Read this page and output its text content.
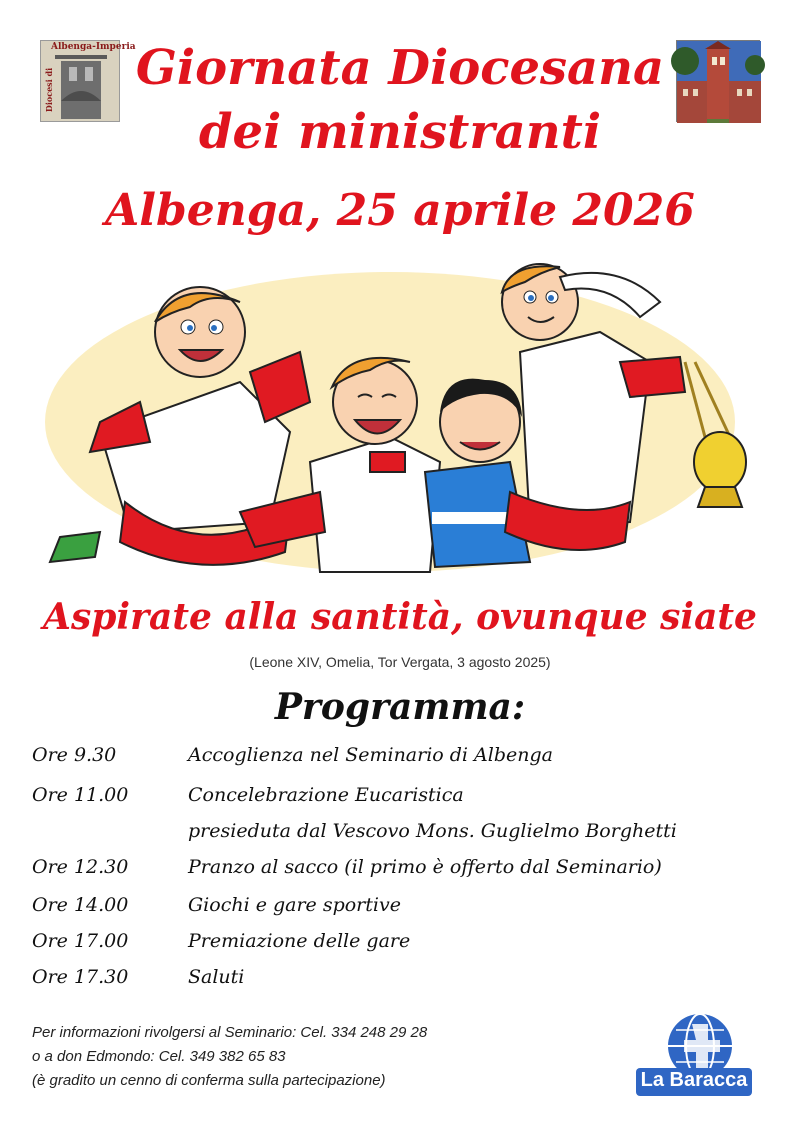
Albenga-Imperia
Diocesi di	Giornata Diocesana
dei ministranti
Albenga, 25 aprile 2026
Aspirate alla santità, ovunque siate
(Leone XIV, Omelia, Tor Vergata, 3 agosto 2025)
Programma:
Ore 9.30	Accoglienza nel Seminario di Albenga
Ore 11.00	Concelebrazione Eucaristica
presieduta dal Vescovo Mons. Guglielmo Borghetti
Ore 12.30	Pranzo al sacco (il primo è offerto dal Seminario)
Ore 14.00	Giochi e gare sportive
Ore 17.00	Premiazione delle gare
Ore 17.30	Saluti
Per informazioni rivolgersi al Seminario: Cel. 334 248 29 28
o a don Edmondo: Cel. 349 382 65 83
(è gradito un cenno di conferma sulla partecipazione)	La Baracca
